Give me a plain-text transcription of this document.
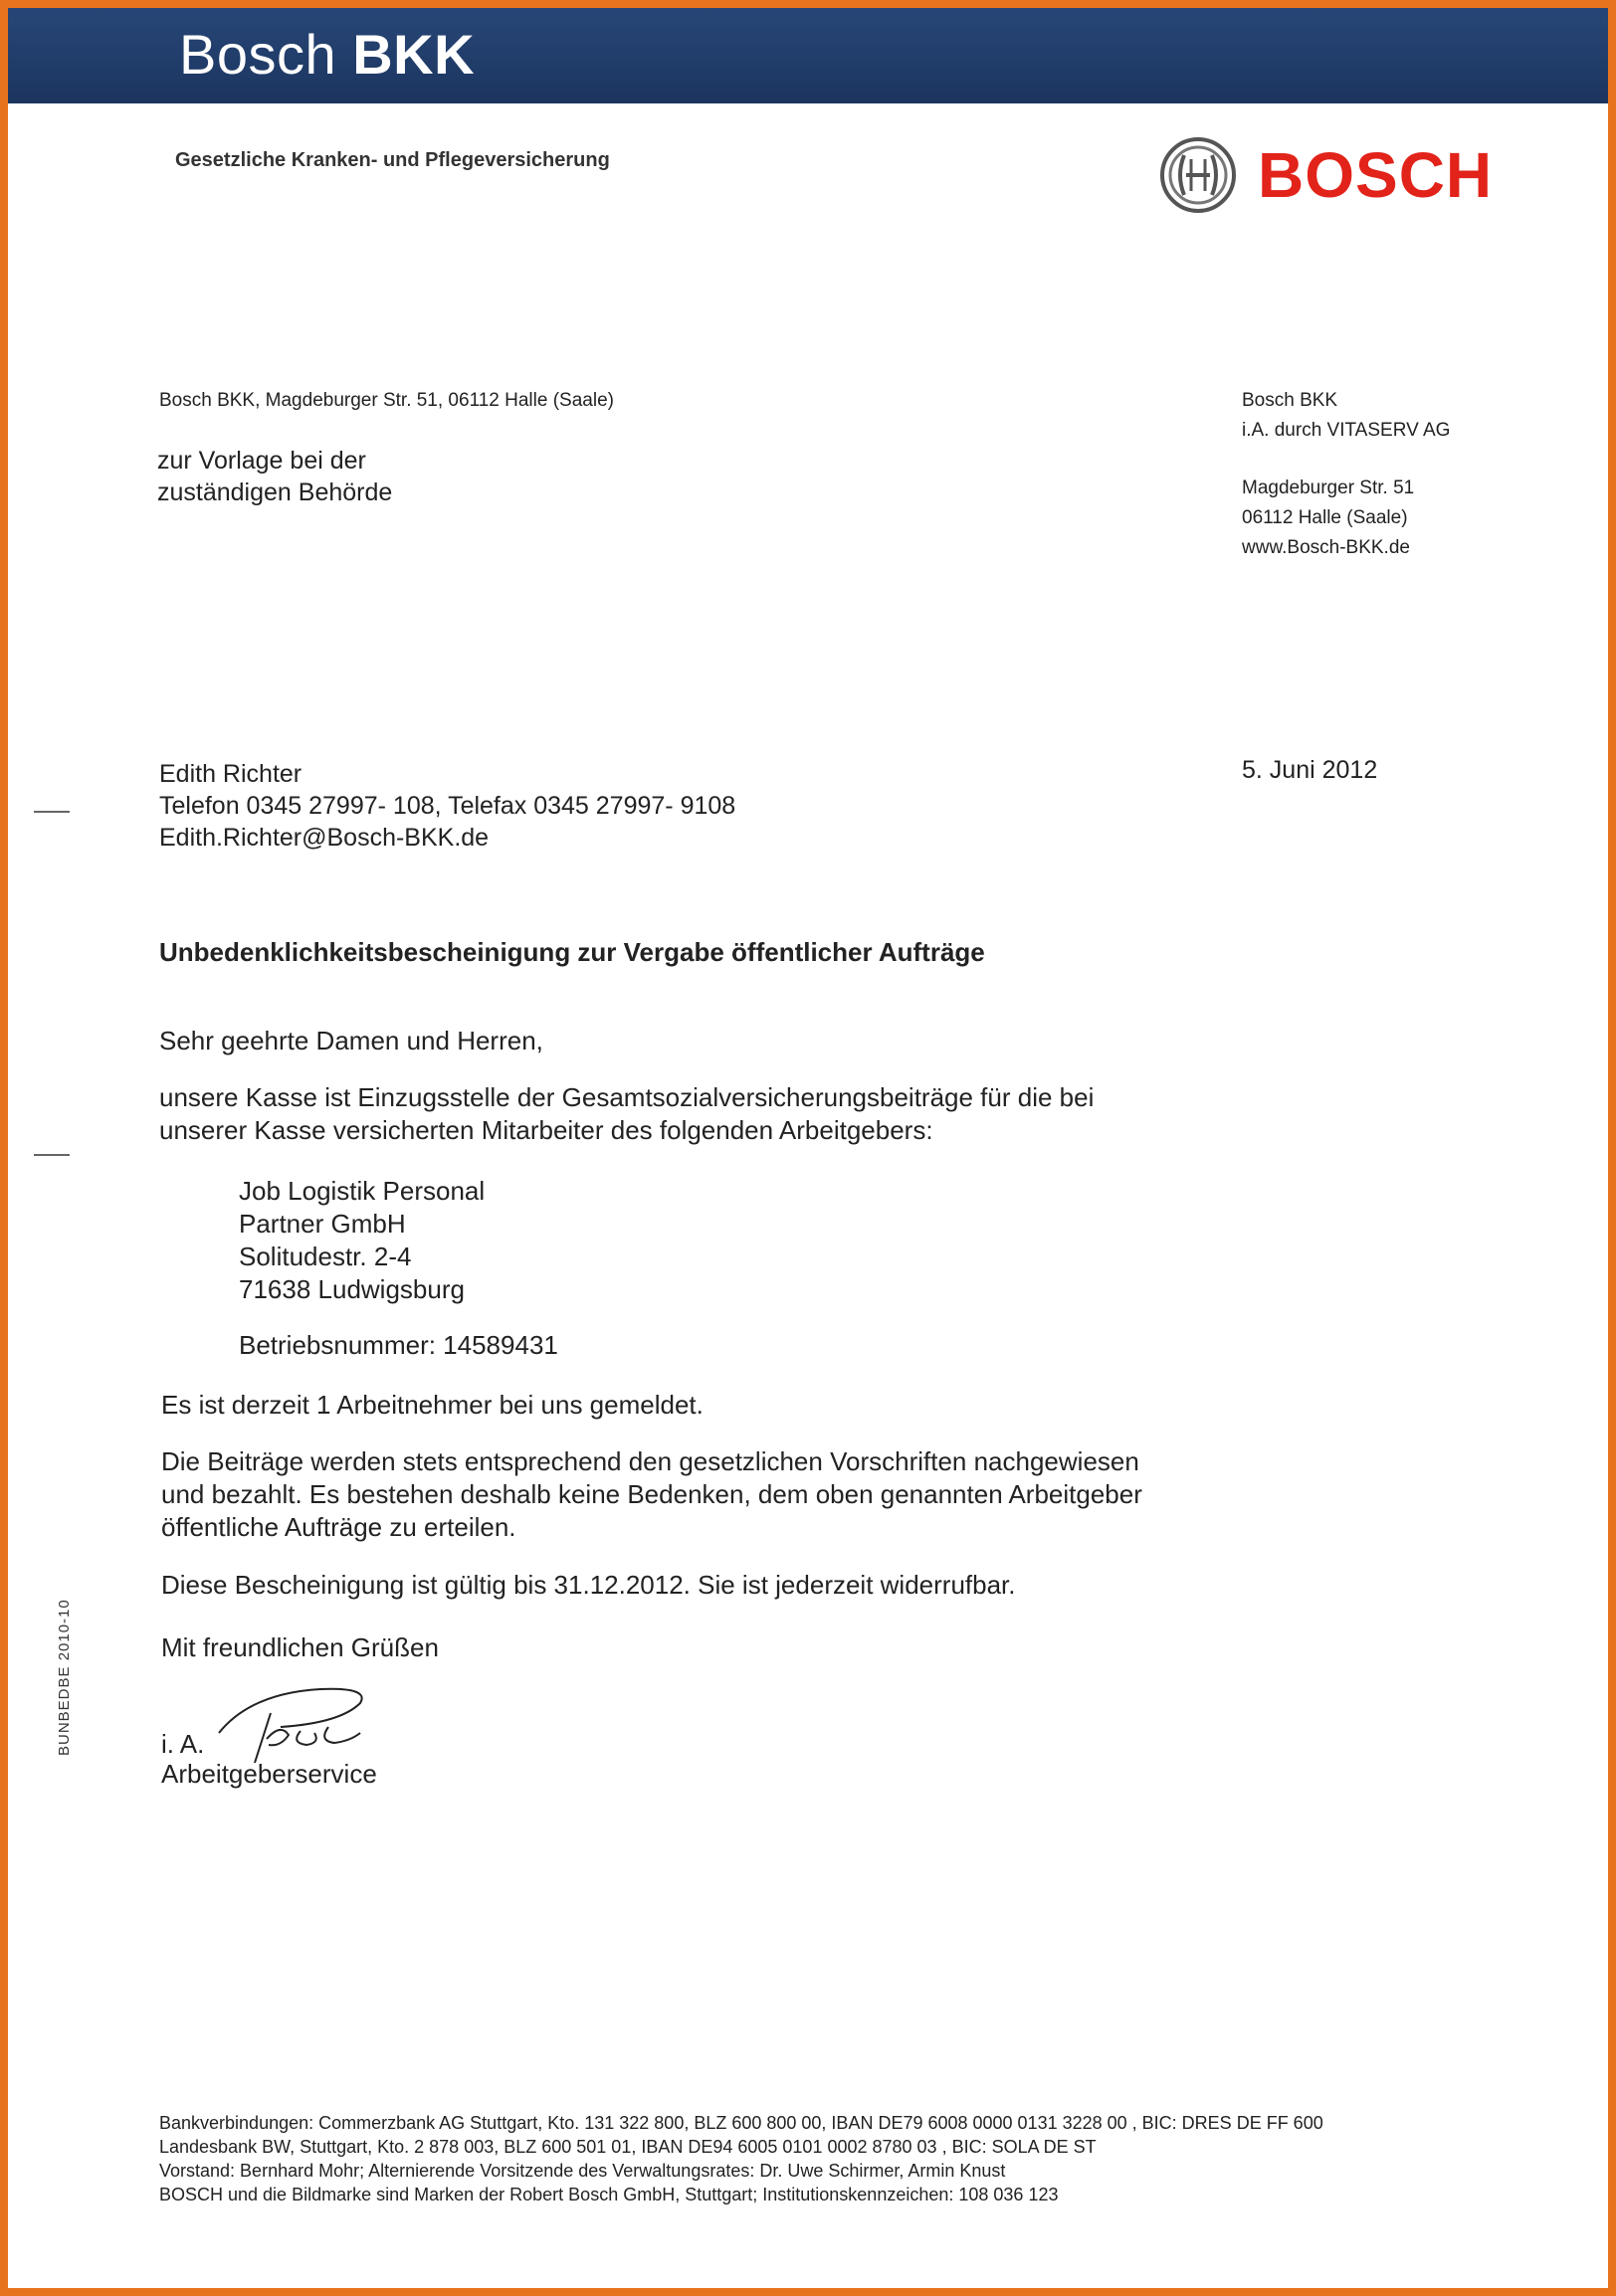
Bosch BKK
Gesetzliche Kranken- und Pflegeversicherung	BOSCH
Bosch BKK, Magdeburger Str. 51, 06112 Halle (Saale)
zur Vorlage bei der
zuständigen Behörde
Bosch BKK
i.A. durch VITASERV AG
Magdeburger Str. 51
06112 Halle (Saale)
www.Bosch-BKK.de
Edith Richter
Telefon 0345 27997- 108, Telefax 0345 27997- 9108
Edith.Richter@Bosch-BKK.de
5. Juni 2012
Unbedenklichkeitsbescheinigung zur Vergabe öffentlicher Aufträge
Sehr geehrte Damen und Herren,
unsere Kasse ist Einzugsstelle der Gesamtsozialversicherungsbeiträge für die bei
unserer Kasse versicherten Mitarbeiter des folgenden Arbeitgebers:
Job Logistik Personal
Partner GmbH
Solitudestr. 2-4
71638 Ludwigsburg
Betriebsnummer: 14589431
Es ist derzeit 1 Arbeitnehmer bei uns gemeldet.
Die Beiträge werden stets entsprechend den gesetzlichen Vorschriften nachgewiesen
und bezahlt. Es bestehen deshalb keine Bedenken, dem oben genannten Arbeitgeber
öffentliche Aufträge zu erteilen.
Diese Bescheinigung ist gültig bis 31.12.2012. Sie ist jederzeit widerrufbar.
Mit freundlichen Grüßen
i. A.
Arbeitgeberservice
BUNBEDBE 2010-10
Bankverbindungen: Commerzbank AG Stuttgart, Kto. 131 322 800, BLZ 600 800 00, IBAN DE79 6008 0000 0131 3228 00 , BIC: DRES DE FF 600
Landesbank BW, Stuttgart, Kto. 2 878 003, BLZ 600 501 01, IBAN DE94 6005 0101 0002 8780 03 , BIC: SOLA DE ST
Vorstand: Bernhard Mohr; Alternierende Vorsitzende des Verwaltungsrates: Dr. Uwe Schirmer, Armin Knust
BOSCH und die Bildmarke sind Marken der Robert Bosch GmbH, Stuttgart; Institutionskennzeichen: 108 036 123
